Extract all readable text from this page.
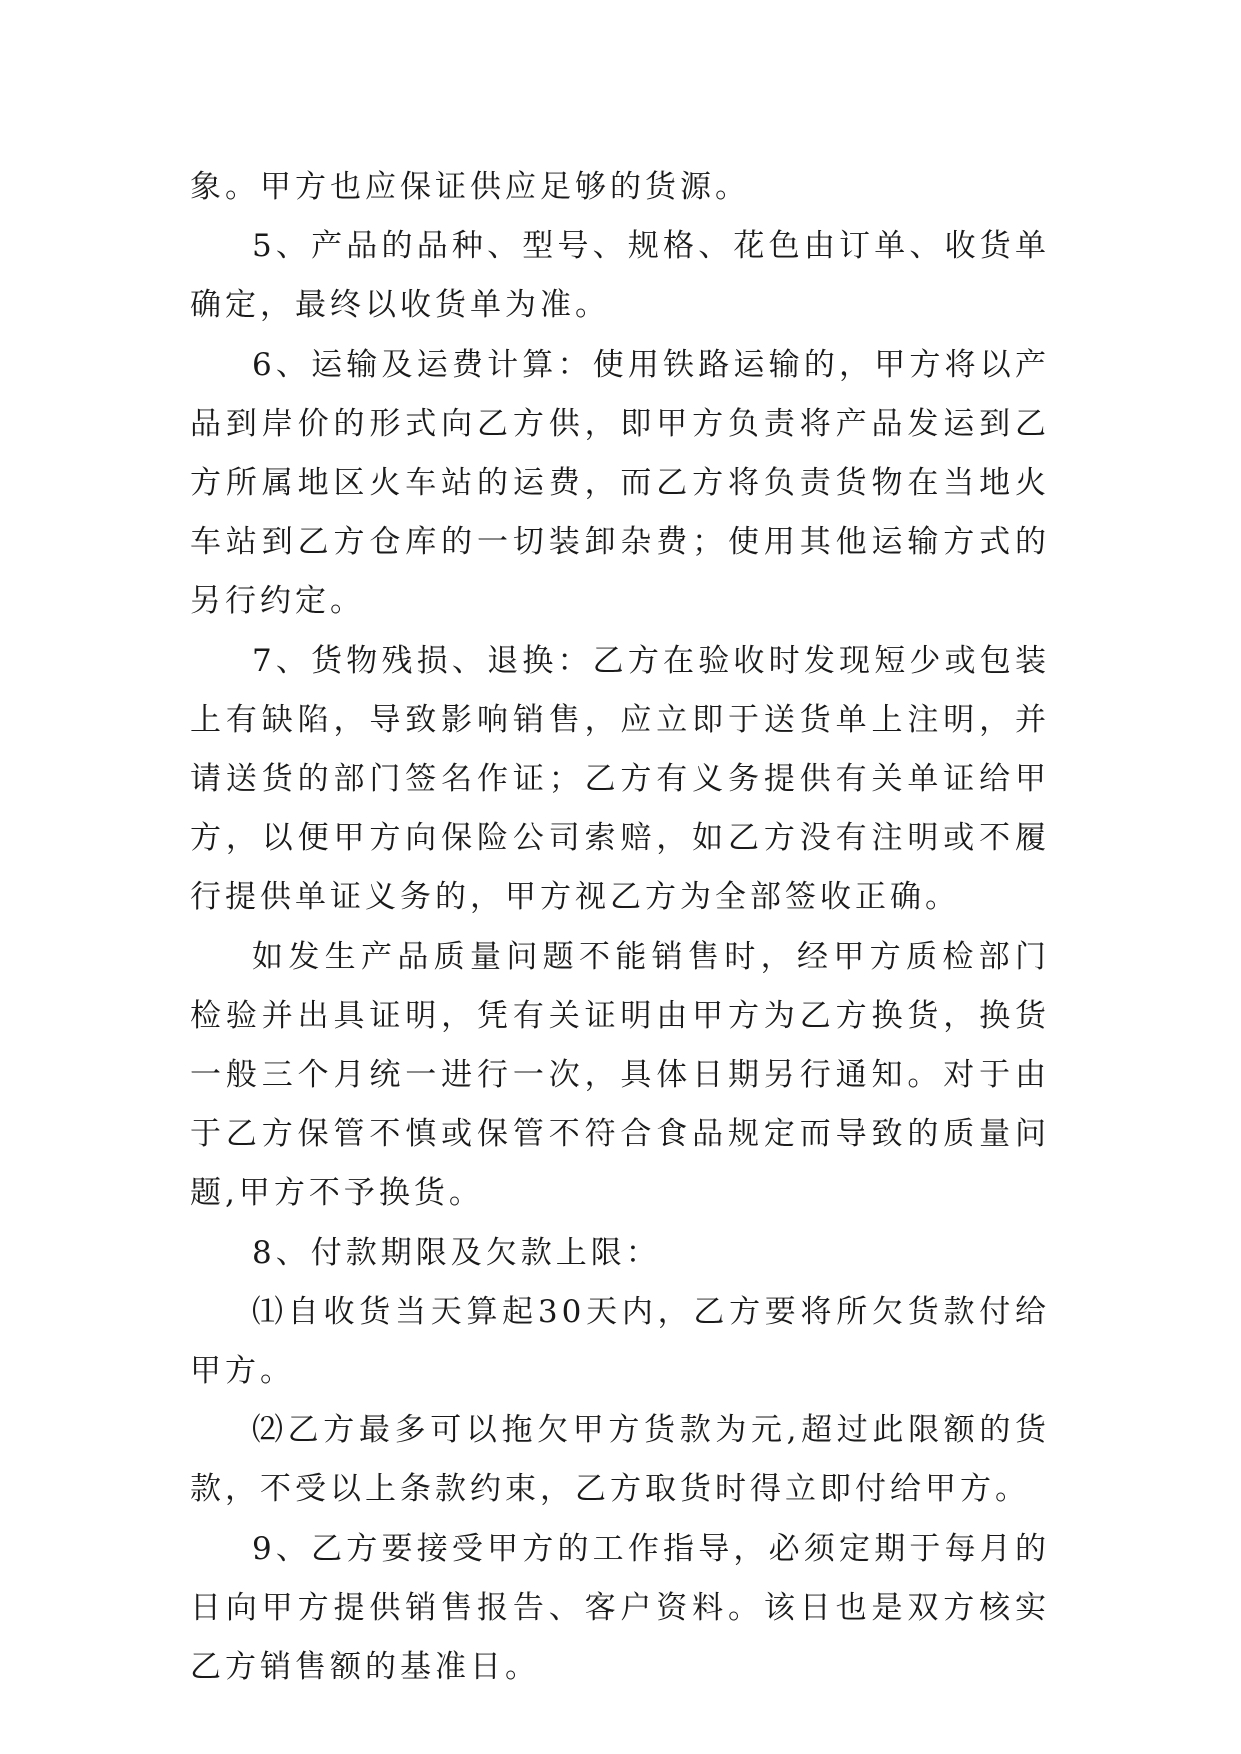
象。甲方也应保证供应足够的货源。

5、产品的品种、型号、规格、花色由订单、收货单确定，最终以收货单为准。

6、运输及运费计算：使用铁路运输的，甲方将以产品到岸价的形式向乙方供，即甲方负责将产品发运到乙方所属地区火车站的运费，而乙方将负责货物在当地火车站到乙方仓库的一切装卸杂费；使用其他运输方式的另行约定。

7、货物残损、退换：乙方在验收时发现短少或包装上有缺陷，导致影响销售，应立即于送货单上注明，并请送货的部门签名作证；乙方有义务提供有关单证给甲方，以便甲方向保险公司索赔，如乙方没有注明或不履行提供单证义务的，甲方视乙方为全部签收正确。

如发生产品质量问题不能销售时，经甲方质检部门检验并出具证明，凭有关证明由甲方为乙方换货，换货一般三个月统一进行一次，具体日期另行通知。对于由于乙方保管不慎或保管不符合食品规定而导致的质量问题,甲方不予换货。

8、付款期限及欠款上限：

⑴自收货当天算起30天内，乙方要将所欠货款付给甲方。

⑵乙方最多可以拖欠甲方货款为元,超过此限额的货款，不受以上条款约束，乙方取货时得立即付给甲方。

9、乙方要接受甲方的工作指导，必须定期于每月的日向甲方提供销售报告、客户资料。该日也是双方核实乙方销售额的基准日。
